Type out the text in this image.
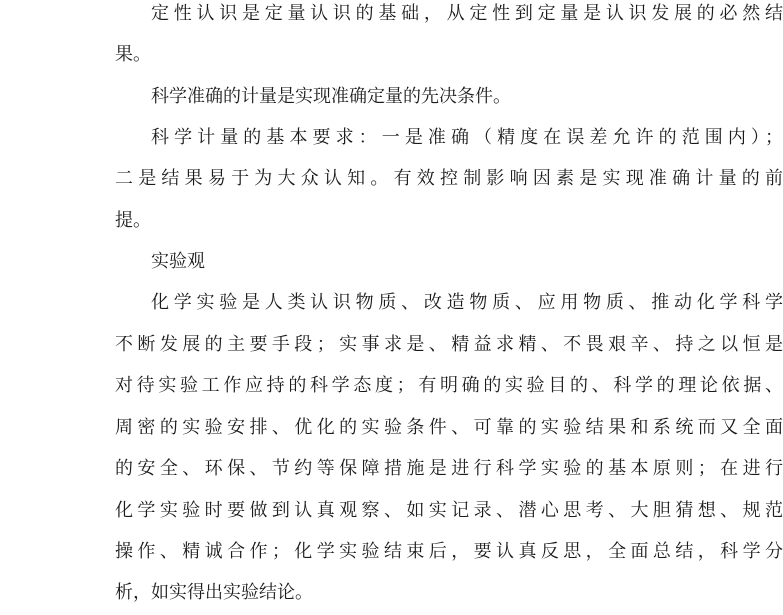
定性认识是定量认识的基础，从定性到定量是认识发展的必然结
果。
科学准确的计量是实现准确定量的先决条件。
科学计量的基本要求：一是准确（精度在误差允许的范围内）；
二是结果易于为大众认知。有效控制影响因素是实现准确计量的前
提。
实验观
化学实验是人类认识物质、改造物质、应用物质、推动化学科学
不断发展的主要手段；实事求是、精益求精、不畏艰辛、持之以恒是
对待实验工作应持的科学态度；有明确的实验目的、科学的理论依据、
周密的实验安排、优化的实验条件、可靠的实验结果和系统而又全面
的安全、环保、节约等保障措施是进行科学实验的基本原则；在进行
化学实验时要做到认真观察、如实记录、潜心思考、大胆猜想、规范
操作、精诚合作；化学实验结束后，要认真反思，全面总结，科学分
析，如实得出实验结论。
